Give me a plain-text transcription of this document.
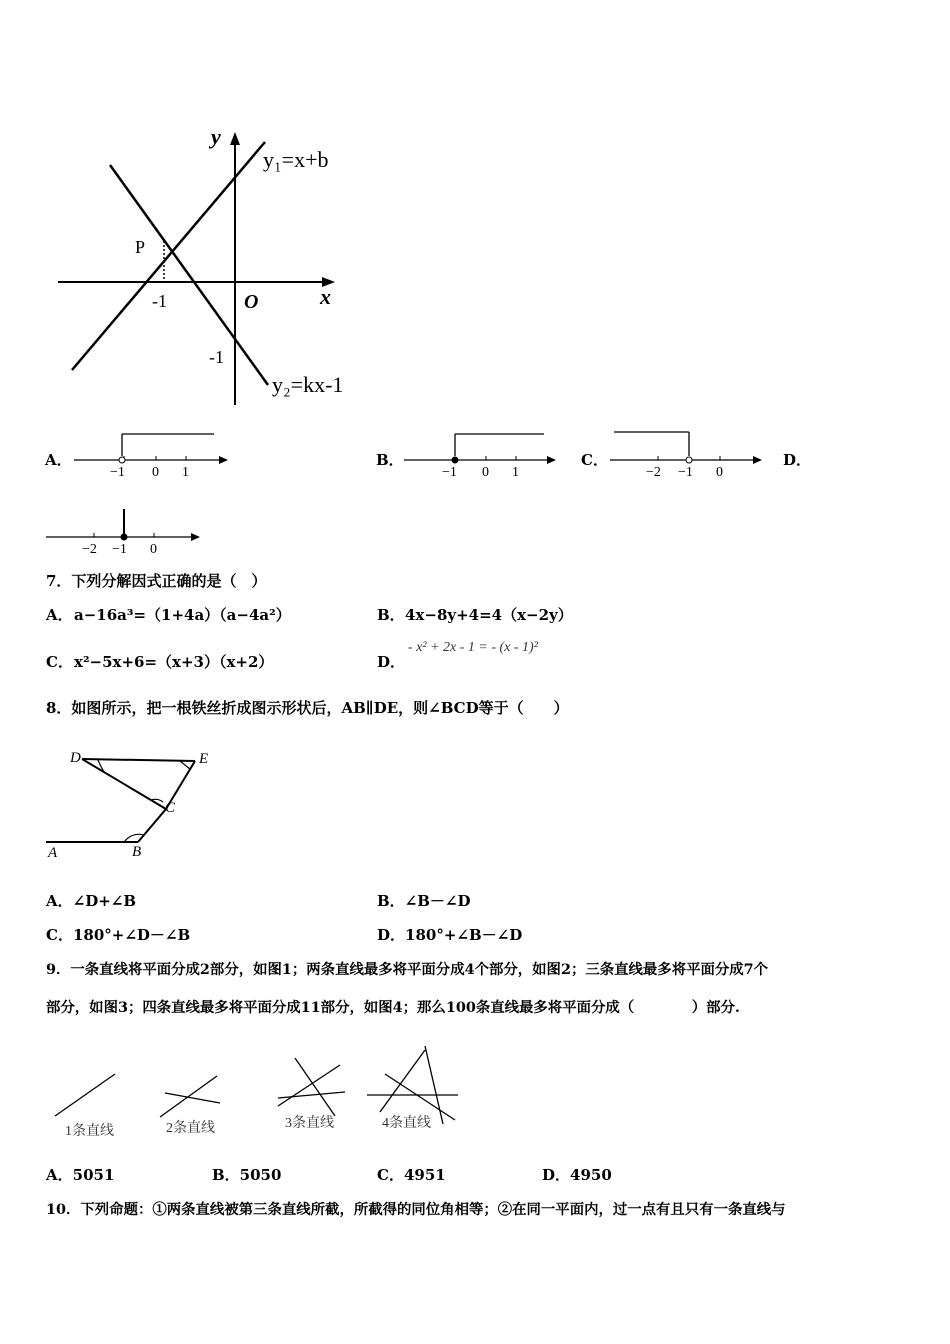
y
x
O
y₁=x+b
y₂=kx-1
P
-1
-1
A．
−1 0 1
B．
−1 0 1
C．
−2 −1 0
D．
−2 −1 0
7．下列分解因式正确的是（　）
A． a−16a³=（1+4a）（a−4a²）	B． 4x−8y+4=4（x−2y）
C． x²−5x+6=（x+3）（x+2）	D．
- x² + 2x - 1 = - (x - 1)²
8．如图所示，把一根铁丝折成图示形状后，AB∥DE，则∠BCD等于（　　）
D	E
C
B
A
A．∠D+∠B	B．∠B－∠D
C．180°+∠D－∠B	D．180°+∠B－∠D
9．一条直线将平面分成2部分，如图1；两条直线最多将平面分成4个部分，如图2；三条直线最多将平面分成7个
部分，如图3；四条直线最多将平面分成11部分，如图4；那么100条直线最多将平面分成（　　　　）部分.
1条直线	2条直线	3条直线	4条直线
A．5051	B．5050	C．4951	D．4950
10．下列命题：①两条直线被第三条直线所截，所截得的同位角相等；②在同一平面内，过一点有且只有一条直线与
